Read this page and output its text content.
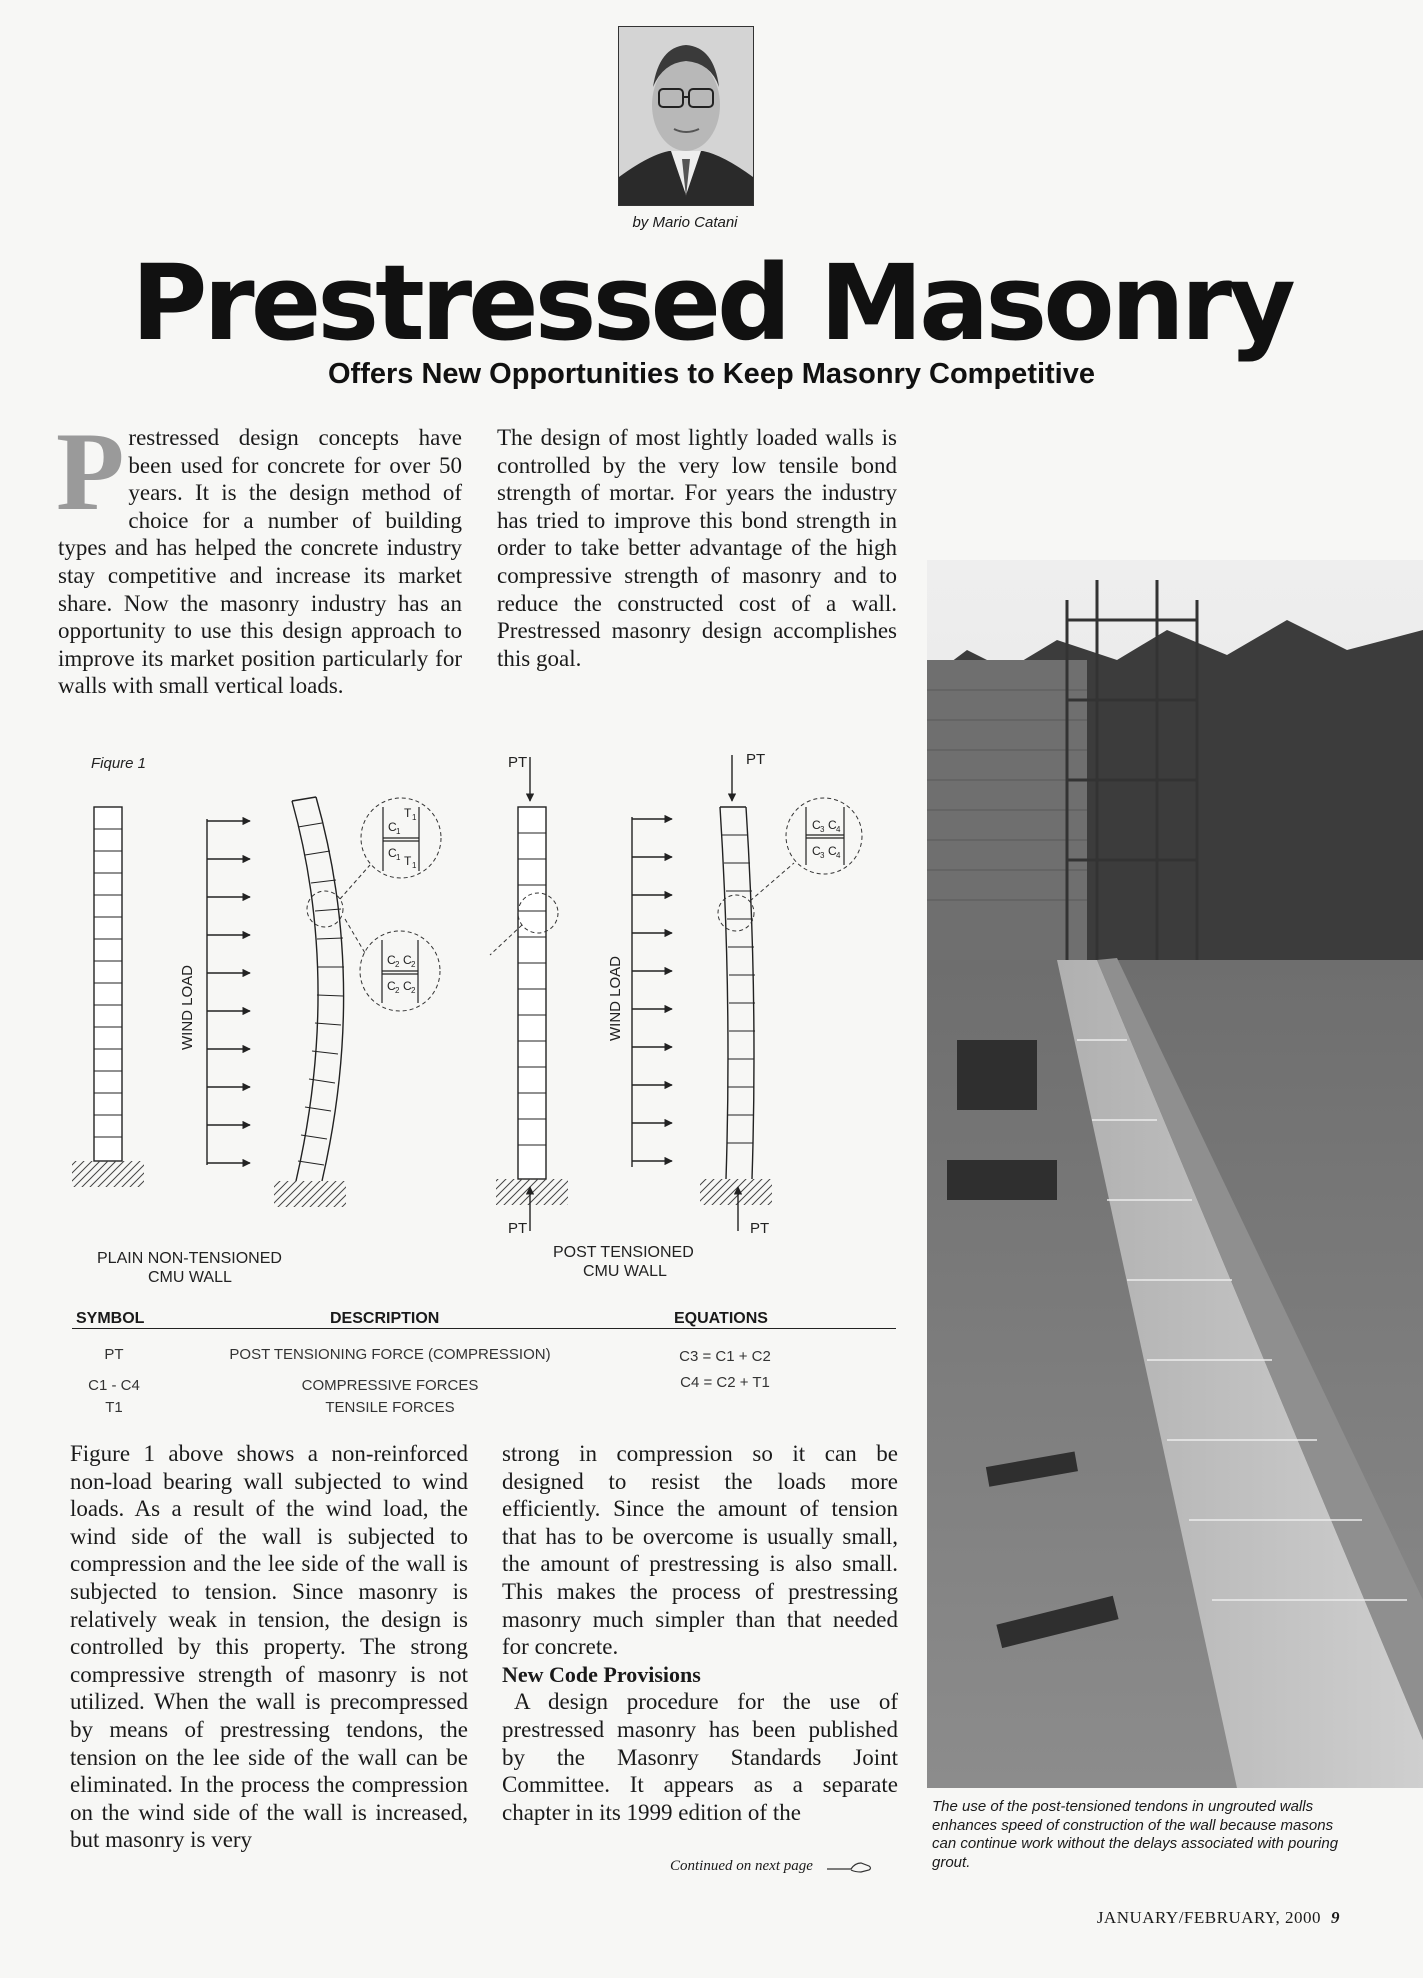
by Mario Catani
Prestressed Masonry
Offers New Opportunities to Keep Masonry Competitive
P restressed design concepts have been used for concrete for over 50 years. It is the design method of choice for a number of building types and has helped the concrete industry stay competitive and increase its market share. Now the masonry industry has an opportunity to use this design approach to improve its market position particularly for walls with small vertical loads.

The design of most lightly loaded walls is controlled by the very low tensile bond strength of mortar. For years the industry has tried to improve this bond strength in order to take better advantage of the high compressive strength of masonry and to reduce the constructed cost of a wall. Prestressed masonry design accomplishes this goal.

Fiqure 1
WIND LOAD
C 1
T 1
C 1 T 1
C 2 C 2
C 2 C 2
PT
PT
WIND LOAD
PT
PT
C 3 C 4
C 3 C 4
PLAIN NON-TENSIONED
CMU WALL
POST TENSIONED
CMU WALL
SYMBOL	DESCRIPTION	EQUATIONS
PT	POST TENSIONING FORCE (COMPRESSION)	C3 = C1 + C2
C1 - C4	COMPRESSIVE FORCES	C4 = C2 + T1
T1	TENSILE FORCES

Figure 1 above shows a non-reinforced non-load bearing wall subjected to wind loads. As a result of the wind load, the wind side of the wall is subjected to compression and the lee side of the wall is subjected to tension. Since masonry is relatively weak in tension, the design is controlled by this property. The strong compressive strength of masonry is not utilized. When the wall is precompressed by means of prestressing tendons, the tension on the lee side of the wall can be eliminated. In the process the compression on the wind side of the wall is increased, but masonry is very

strong in compression so it can be designed to resist the loads more efficiently. Since the amount of tension that has to be overcome is usually small, the amount of prestressing is also small. This makes the process of prestressing masonry much simpler than that needed for concrete.

New Code Provisions

A design procedure for the use of prestressed masonry has been published by the Masonry Standards Joint Committee. It appears as a separate chapter in its 1999 edition of the

Continued on next page
The use of the post-tensioned tendons in ungrouted walls enhances speed of construction of the wall because masons can continue work without the delays associated with pouring grout.
JANUARY/FEBRUARY, 2000 9
